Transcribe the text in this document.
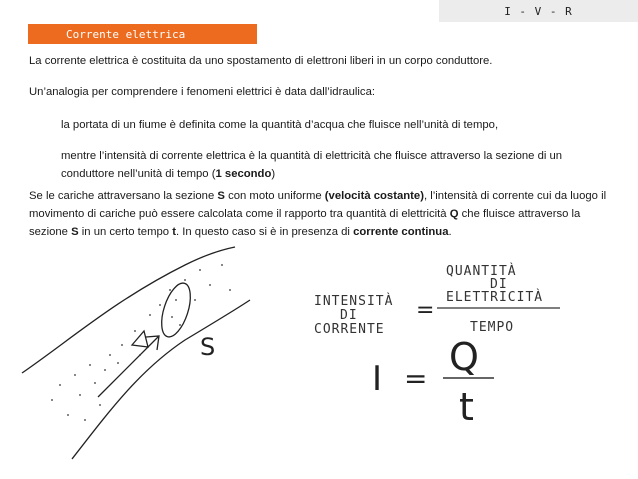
I - V - R
Corrente elettrica
La corrente elettrica è costituita da uno spostamento di elettroni liberi in un corpo conduttore.
Un’analogia per comprendere i fenomeni elettrici è data dall’idraulica:
la portata di un fiume è definita come la quantità d’acqua che fluisce nell’unità di tempo,
mentre l’intensità di corrente elettrica è la quantità di elettricità che fluisce attraverso la sezione di un conduttore nell’unità di tempo (1 secondo)
Se le cariche attraversano la sezione S con moto uniforme (velocità costante), l’intensità di corrente cui da luogo il movimento di cariche può essere calcolata come il rapporto tra quantità di elettricità Q che fluisce attraverso la sezione S in un certo tempo t. In questo caso si è in presenza di corrente continua.
S
INTENSITÀ
DI
CORRENTE
QUANTITÀ
DI
ELETTRICITÀ
TEMPO
=
I = Q
t
